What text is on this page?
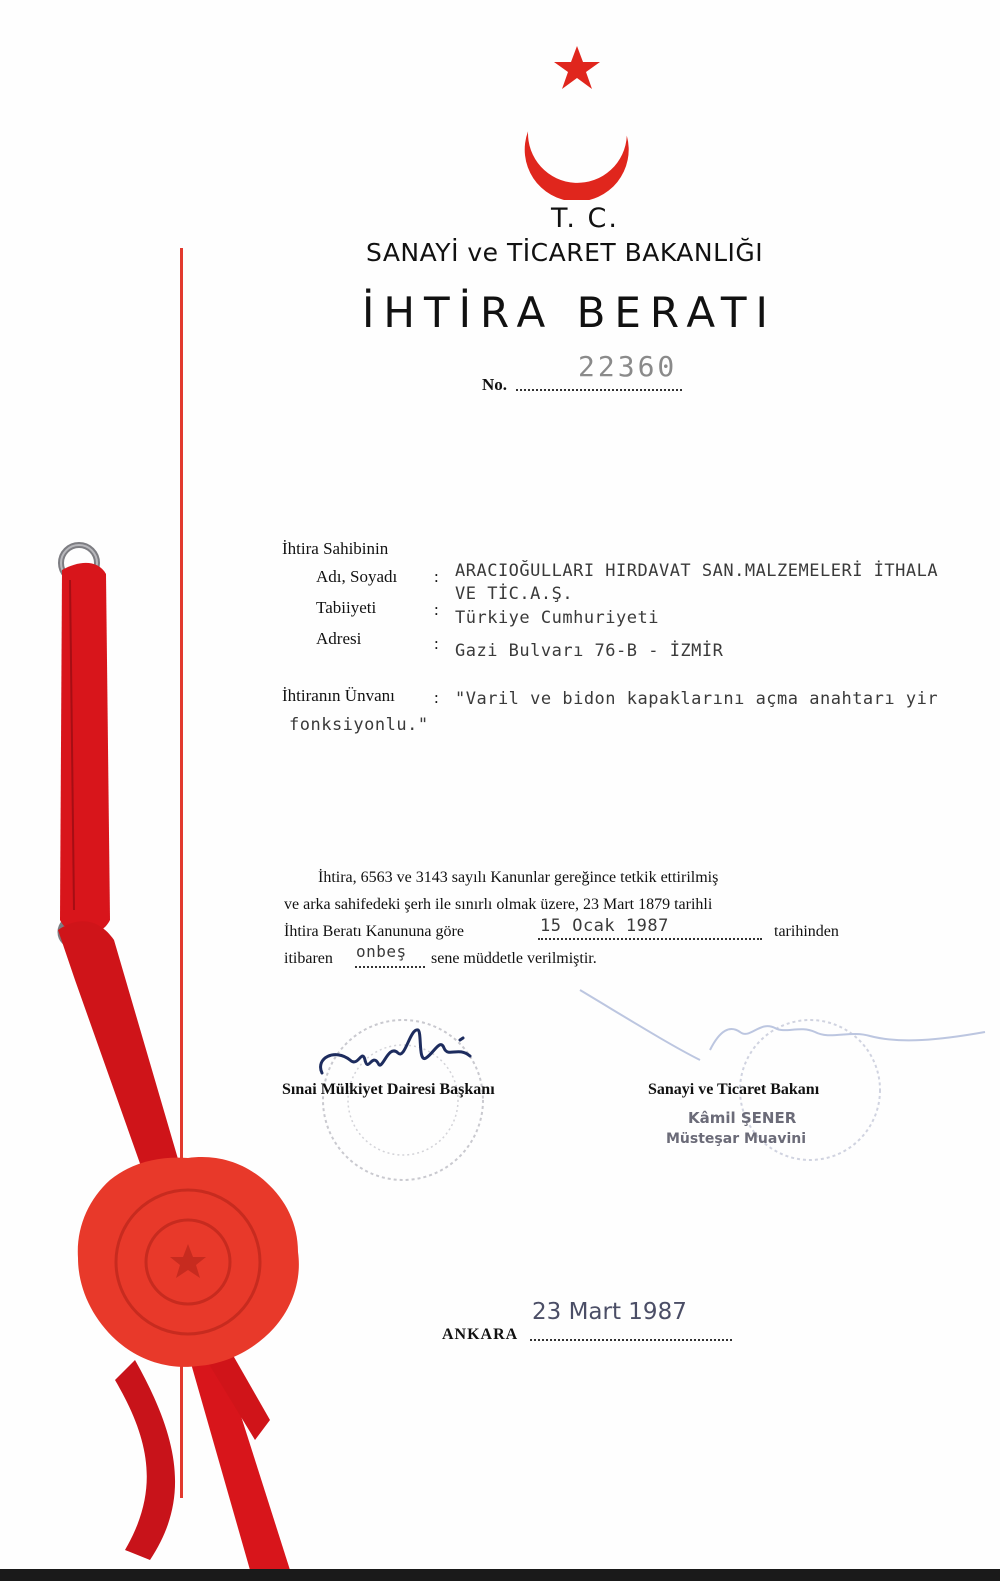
T. C.
SANAYİ ve TİCARET BAKANLIĞI
İHTİRA BERATI
No.
22360
İhtira Sahibinin
Adı, Soyadı : ARACIOĞULLARI HIRDAVAT SAN.MALZEMELERİ İTHALA
VE TİC.A.Ş.
Tabiiyeti	: Türkiye Cumhuriyeti
Adresi	: Gazi Bulvarı 76-B - İZMİR
İhtiranın Ünvanı : "Varil ve bidon kapaklarını açma anahtarı yir
fonksiyonlu."
İhtira, 6563 ve 3143 sayılı Kanunlar gereğince tetkik ettirilmiş
ve arka sahifedeki şerh ile sınırlı olmak üzere, 23 Mart 1879 tarihli
İhtira Beratı Kanununa göre	15 Ocak 1987	tarihinden
itibaren onbeş sene müddetle verilmiştir.
Sınai Mülkiyet Dairesi Başkanı	Sanayi ve Ticaret Bakanı
Kâmil ŞENER
Müsteşar Muavini
ANKARA
23 Mart 1987
